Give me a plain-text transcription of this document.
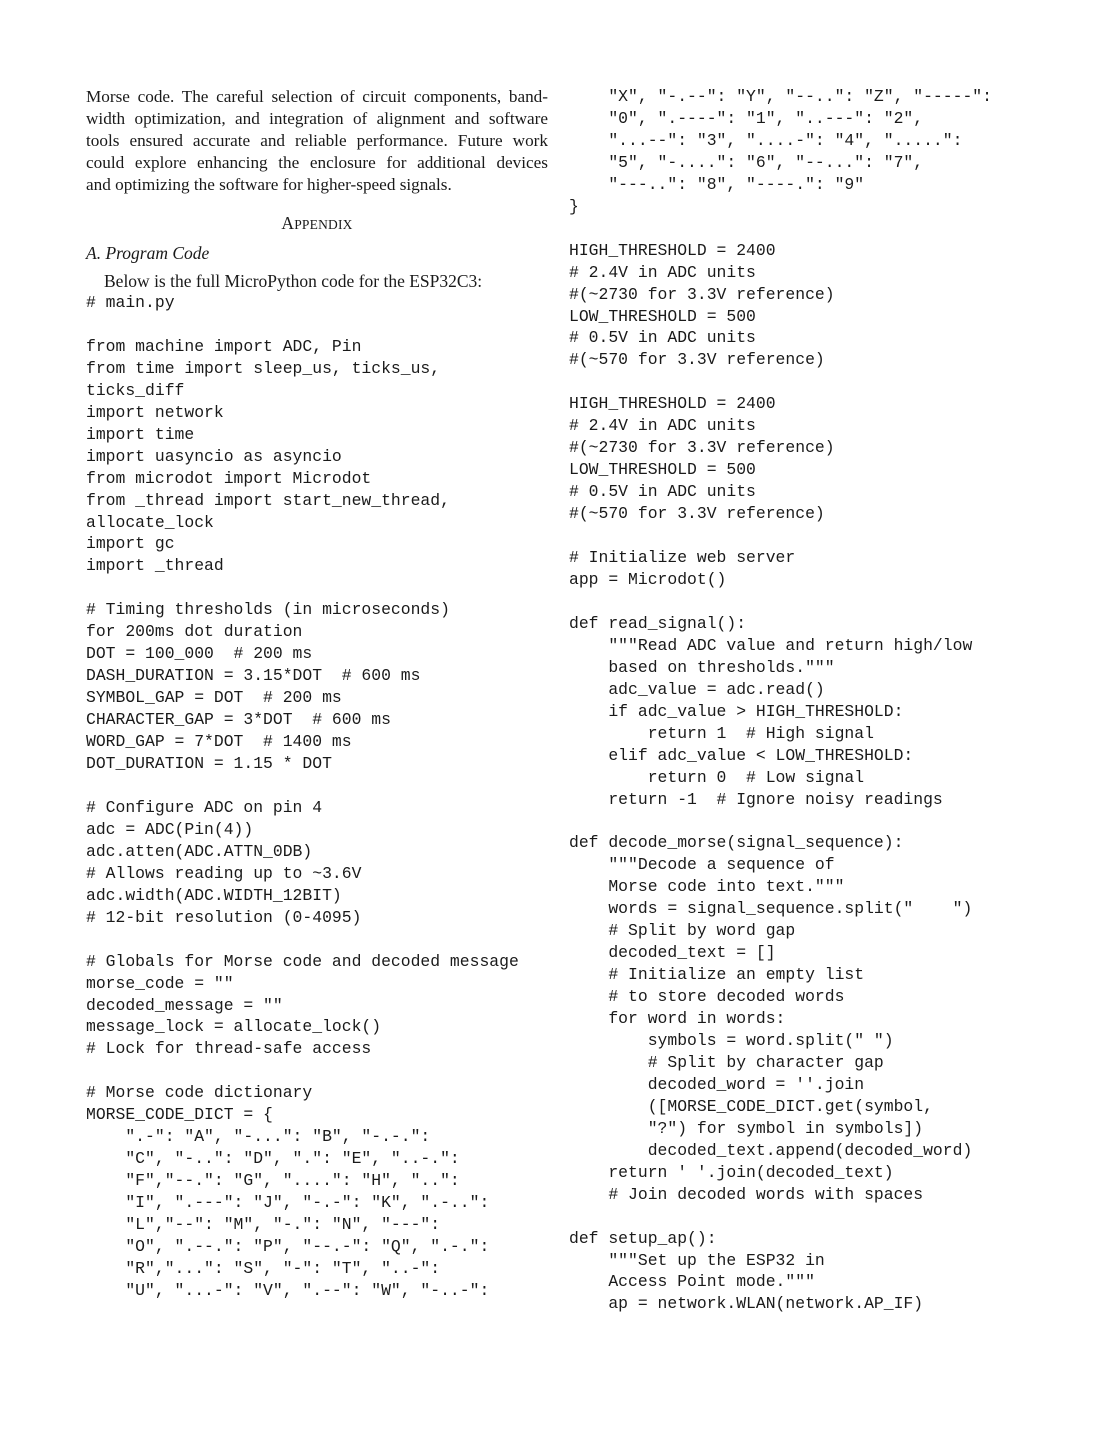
Morse code. The careful selection of circuit components, band-
width optimization, and integration of alignment and software
tools ensured accurate and reliable performance. Future work
could explore enhancing the enclosure for additional devices
and optimizing the software for higher-speed signals.

APPENDIX
A. Program Code
Below is the full MicroPython code for the ESP32C3:
# main.py

from machine import ADC, Pin
from time import sleep_us, ticks_us,
ticks_diff
import network
import time
import uasyncio as asyncio
from microdot import Microdot
from _thread import start_new_thread,
allocate_lock
import gc
import _thread

# Timing thresholds (in microseconds)
for 200ms dot duration
DOT = 100_000  # 200 ms
DASH_DURATION = 3.15*DOT  # 600 ms
SYMBOL_GAP = DOT  # 200 ms
CHARACTER_GAP = 3*DOT  # 600 ms
WORD_GAP = 7*DOT  # 1400 ms
DOT_DURATION = 1.15 * DOT

# Configure ADC on pin 4
adc = ADC(Pin(4))
adc.atten(ADC.ATTN_0DB)
# Allows reading up to ~3.6V
adc.width(ADC.WIDTH_12BIT)
# 12-bit resolution (0-4095)

# Globals for Morse code and decoded message
morse_code = ""
decoded_message = ""
message_lock = allocate_lock()
# Lock for thread-safe access

# Morse code dictionary
MORSE_CODE_DICT = {
".-": "A", "-...": "B", "-.-.":
"C", "-..": "D", ".": "E", "..-.":
"F","--.": "G", "....": "H", "..":
"I", ".---": "J", "-.-": "K", ".-..":
"L","--": "M", "-.": "N", "---":
"O", ".--.": "P", "--.-": "Q", ".-.":
"R","...": "S", "-": "T", "..-":
"U", "...-": "V", ".--": "W", "-..-":
"X", "-.--": "Y", "--..": "Z", "-----":
"0", ".----": "1", "..---": "2",
"...--": "3", "....-": "4", ".....":
"5", "-....": "6", "--...": "7",
"---..": "8", "----.": "9"
}

HIGH_THRESHOLD = 2400
# 2.4V in ADC units
#(~2730 for 3.3V reference)
LOW_THRESHOLD = 500
# 0.5V in ADC units
#(~570 for 3.3V reference)

HIGH_THRESHOLD = 2400
# 2.4V in ADC units
#(~2730 for 3.3V reference)
LOW_THRESHOLD = 500
# 0.5V in ADC units
#(~570 for 3.3V reference)

# Initialize web server
app = Microdot()

def read_signal():
"""Read ADC value and return high/low
based on thresholds."""
adc_value = adc.read()
if adc_value > HIGH_THRESHOLD:
return 1  # High signal
elif adc_value < LOW_THRESHOLD:
return 0  # Low signal
return -1  # Ignore noisy readings

def decode_morse(signal_sequence):
"""Decode a sequence of
Morse code into text."""
words = signal_sequence.split("    ")
# Split by word gap
decoded_text = []
# Initialize an empty list
# to store decoded words
for word in words:
symbols = word.split(" ")
# Split by character gap
decoded_word = ''.join
([MORSE_CODE_DICT.get(symbol,
"?") for symbol in symbols])
decoded_text.append(decoded_word)
return ' '.join(decoded_text)
# Join decoded words with spaces

def setup_ap():
"""Set up the ESP32 in
Access Point mode."""
ap = network.WLAN(network.AP_IF)
